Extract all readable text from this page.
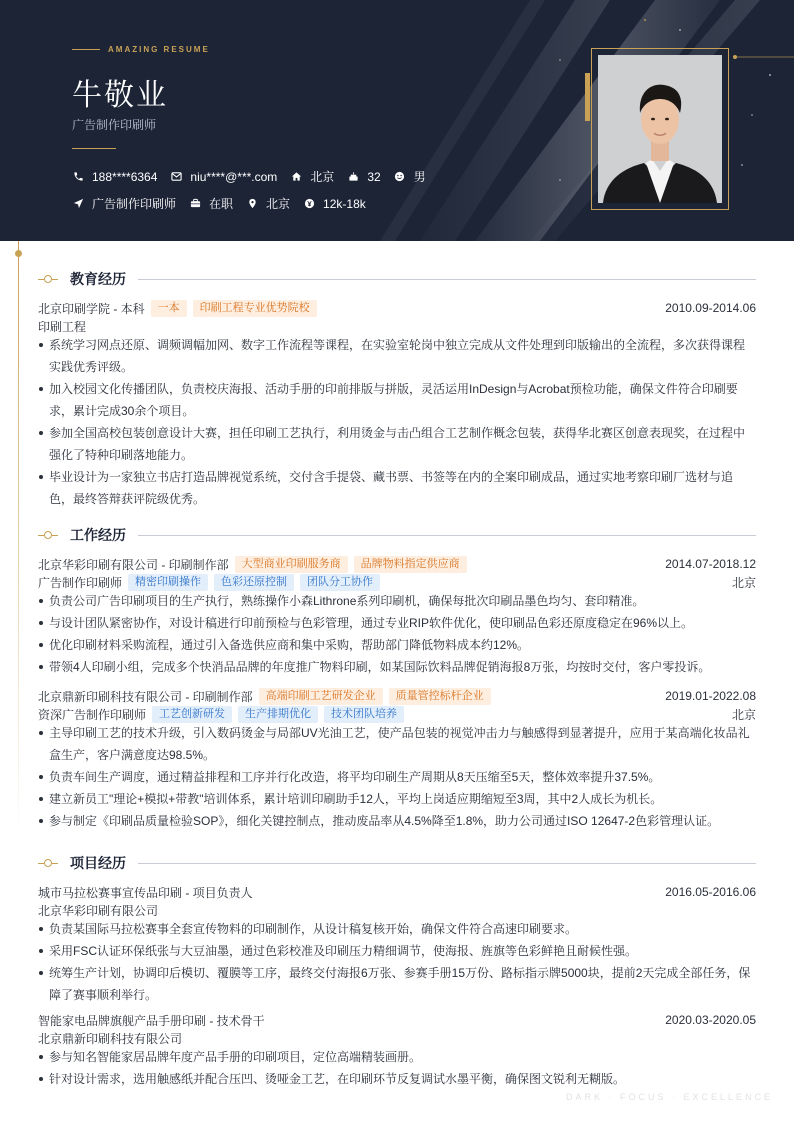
AMAZING RESUME
牛敬业
广告制作印刷师
188****6364	niu****@***.com	北京	32	男
广告制作印刷师	在职	北京	12k-18k
教育经历
北京印刷学院 - 本科	一本	印刷工程专业优势院校	2010.09-2014.06
印刷工程
系统学习网点还原、调频调幅加网、数字工作流程等课程，在实验室轮岗中独立完成从文件处理到印版输出的全流程，多次获得课程实践优秀评级。
加入校园文化传播团队，负责校庆海报、活动手册的印前排版与拼版，灵活运用InDesign与Acrobat预检功能，确保文件符合印刷要求，累计完成30余个项目。
参加全国高校包装创意设计大赛，担任印刷工艺执行，利用烫金与击凸组合工艺制作概念包装，获得华北赛区创意表现奖，在过程中强化了特种印刷落地能力。
毕业设计为一家独立书店打造品牌视觉系统，交付含手提袋、藏书票、书签等在内的全案印刷成品，通过实地考察印刷厂选材与追色，最终答辩获评院级优秀。
工作经历
北京华彩印刷有限公司 - 印刷制作部	大型商业印刷服务商	品牌物料指定供应商	2014.07-2018.12
广告制作印刷师	精密印刷操作	色彩还原控制	团队分工协作	北京
负责公司广告印刷项目的生产执行，熟练操作小森Lithrone系列印刷机，确保每批次印刷品墨色均匀、套印精准。
与设计团队紧密协作，对设计稿进行印前预检与色彩管理，通过专业RIP软件优化，使印刷品色彩还原度稳定在96%以上。
优化印刷材料采购流程，通过引入备选供应商和集中采购，帮助部门降低物料成本约12%。
带领4人印刷小组，完成多个快消品品牌的年度推广物料印刷，如某国际饮料品牌促销海报8万张，均按时交付，客户零投诉。
北京鼎新印刷科技有限公司 - 印刷制作部	高端印刷工艺研发企业	质量管控标杆企业	2019.01-2022.08
资深广告制作印刷师	工艺创新研发	生产排期优化	技术团队培养	北京
主导印刷工艺的技术升级，引入数码烫金与局部UV光油工艺，使产品包装的视觉冲击力与触感得到显著提升，应用于某高端化妆品礼盒生产，客户满意度达98.5%。
负责车间生产调度，通过精益排程和工序并行化改造，将平均印刷生产周期从8天压缩至5天，整体效率提升37.5%。
建立新员工"理论+模拟+带教"培训体系，累计培训印刷助手12人，平均上岗适应期缩短至3周，其中2人成长为机长。
参与制定《印刷品质量检验SOP》，细化关键控制点，推动废品率从4.5%降至1.8%，助力公司通过ISO 12647-2色彩管理认证。
项目经历
城市马拉松赛事宣传品印刷 - 项目负责人	2016.05-2016.06
北京华彩印刷有限公司
负责某国际马拉松赛事全套宣传物料的印刷制作，从设计稿复核开始，确保文件符合高速印刷要求。
采用FSC认证环保纸张与大豆油墨，通过色彩校准及印刷压力精细调节，使海报、旌旗等色彩鲜艳且耐候性强。
统筹生产计划，协调印后模切、覆膜等工序，最终交付海报6万张、参赛手册15万份、路标指示牌5000块，提前2天完成全部任务，保障了赛事顺利举行。
智能家电品牌旗舰产品手册印刷 - 技术骨干	2020.03-2020.05
北京鼎新印刷科技有限公司
参与知名智能家居品牌年度产品手册的印刷项目，定位高端精装画册。
针对设计需求，选用触感纸并配合压凹、烫哑金工艺，在印刷环节反复调试水墨平衡，确保图文锐利无糊版。
DARK · FOCUS · EXCELLENCE
